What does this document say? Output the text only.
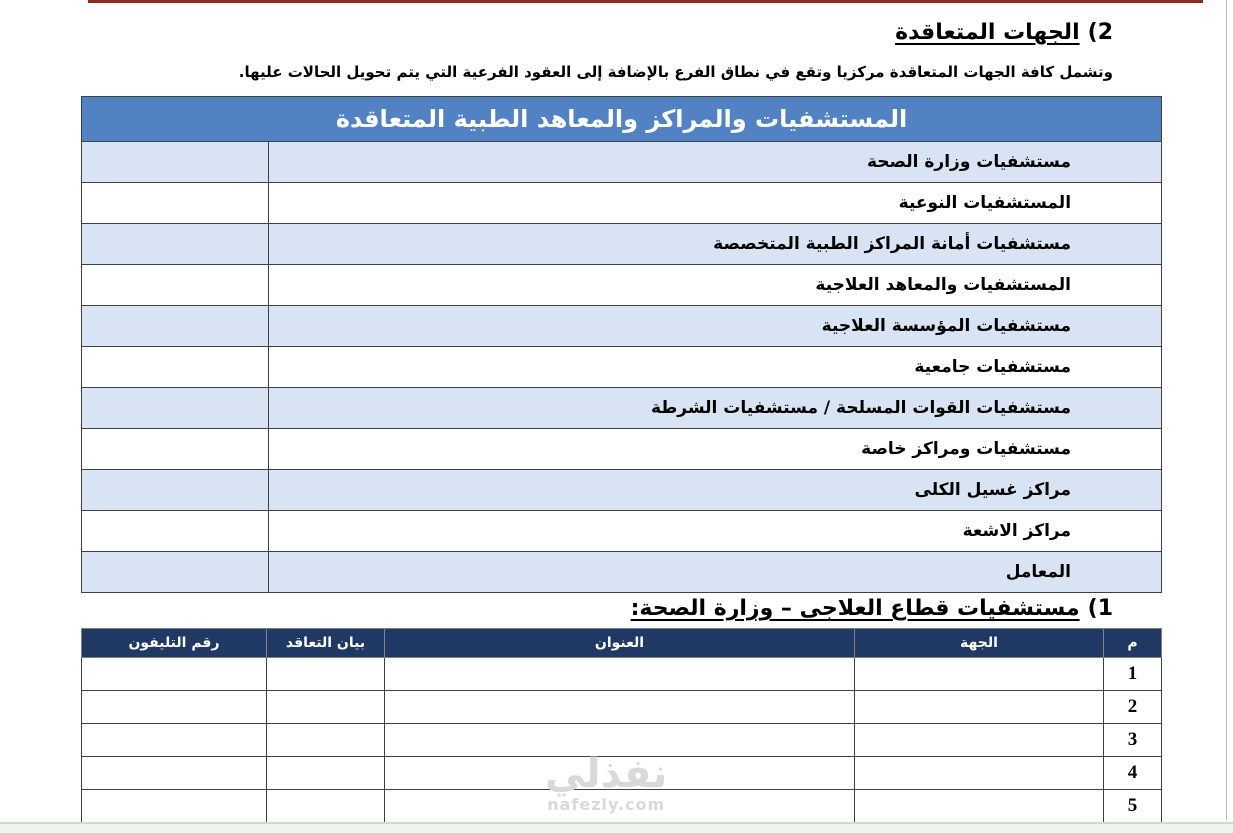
2)
الجهات المتعاقدة
وتشمل كافة الجهات المتعاقدة مركزيا وتقع في نطاق الفرع بالإضافة إلى العقود الفرعية التي يتم تحويل الحالات عليها.
المستشفيات والمراكز والمعاهد الطبية المتعاقدة	
	مستشفيات وزارة الصحة
	المستشفيات النوعية
	مستشفيات أمانة المراكز الطبية المتخصصة
	المستشفيات والمعاهد العلاجية
	مستشفيات المؤسسة العلاجية
	مستشفيات جامعية
	مستشفيات القوات المسلحة / مستشفيات الشرطة
	مستشفيات ومراكز خاصة
	مراكز غسيل الكلى
	مراكز الاشعة
	المعامل
1)
مستشفيات قطاع العلاجى – وزارة الصحة:
رقم التليفون	بيان التعاقد	العنوان	الجهة	م
				1
				2
				3
				4
				5
نفذلي
nafezly.com
